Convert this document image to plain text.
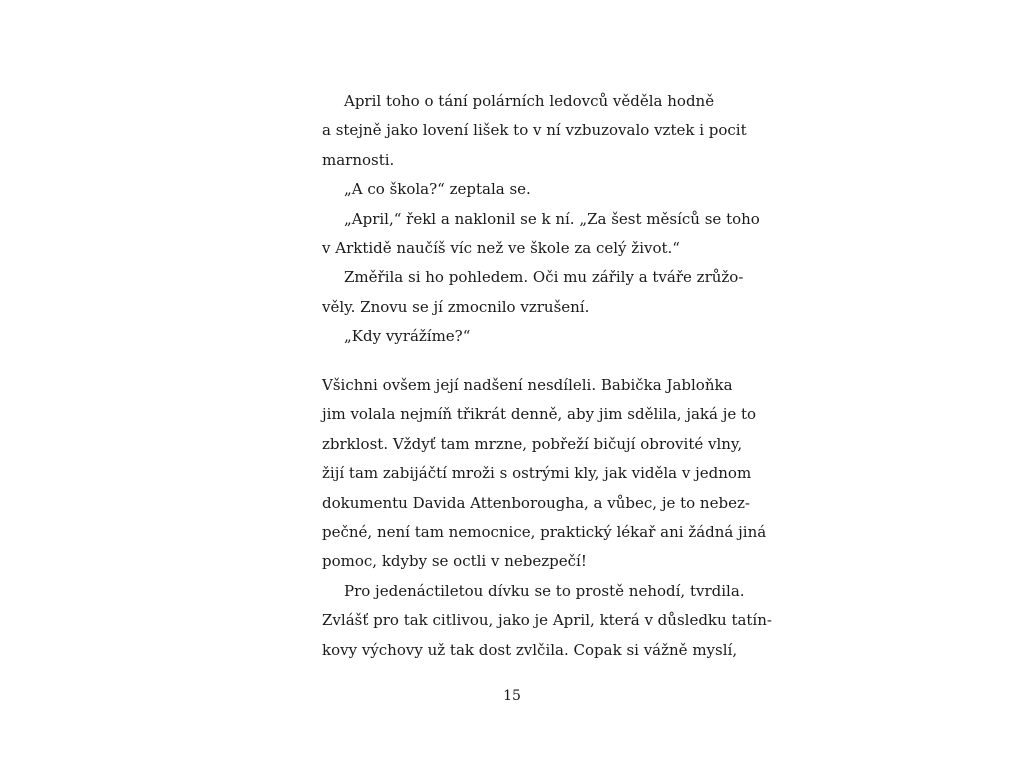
April toho o tání polárních ledovců věděla hodně
a stejně jako lovení lišek to v ní vzbuzovalo vztek i pocit
marnosti.
„A co škola?“ zeptala se.
„April,“ řekl a naklonil se k ní. „Za šest měsíců se toho
v Arktidě naučíš víc než ve škole za celý život.“
Změřila si ho pohledem. Oči mu zářily a tváře zrůžo-
věly. Znovu se jí zmocnilo vzrušení.
„Kdy vyrážíme?“
Všichni ovšem její nadšení nesdíleli. Babička Jabloňka
jim volala nejmíň třikrát denně, aby jim sdělila, jaká je to
zbrklost. Vždyť tam mrzne, pobřeží bičují obrovité vlny,
žijí tam zabijáčtí mroži s ostrými kly, jak viděla v jednom
dokumentu Davida Attenborougha, a vůbec, je to nebez-
pečné, není tam nemocnice, praktický lékař ani žádná jiná
pomoc, kdyby se octli v nebezpečí!
Pro jedenáctiletou dívku se to prostě nehodí, tvrdila.
Zvlášť pro tak citlivou, jako je April, která v důsledku tatín-
kovy výchovy už tak dost zvlčila. Copak si vážně myslí,
15
